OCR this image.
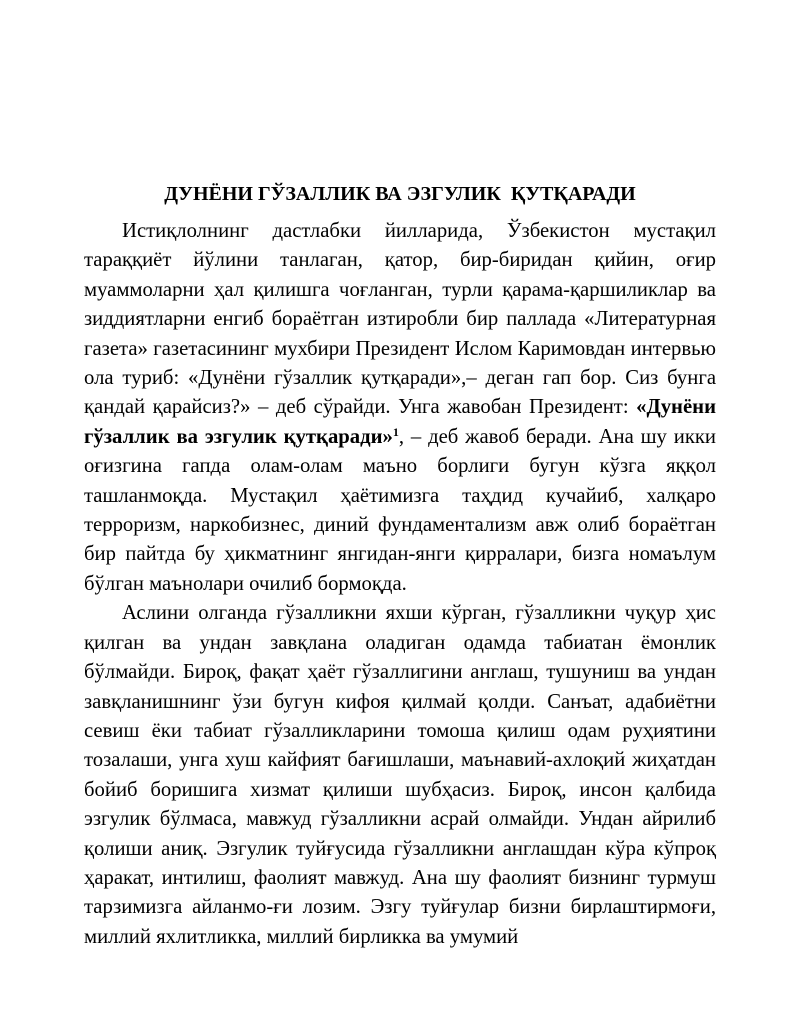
ДУНЁНИ ГЎЗАЛЛИК ВА ЭЗГУЛИК  ҚУТҚАРАДИ

Истиқлолнинг дастлабки йилларида, Ўзбекистон мустақил тараққиёт йўлини танлаган, қатор, бир-биридан қийин, оғир муаммоларни ҳал қилишга чоғланган, турли қарама-қаршиликлар ва зиддиятларни енгиб бораётган изтиробли бир паллада «Литературная газета» газетасининг мухбири Президент Ислом Каримовдан интервью ола туриб: «Дунёни гўзаллик қутқаради»,– деган гап бор. Сиз бунга қандай қарайсиз?» – деб сўрайди. Унга жавобан Президент: «Дунёни гўзаллик ва эзгулик қутқаради»$^1$, – деб жавоб беради. Ана шу икки оғизгина гапда олам-олам маъно борлиги бугун кўзга яққол ташланмоқда. Мустақил ҳаётимизга таҳдид кучайиб, халқаро терроризм, наркобизнес, диний фундаментализм авж олиб бораётган бир пайтда бу ҳикматнинг янгидан-янги қирралари, бизга номаълум бўлган маънолари очилиб бормоқда.

Аслини олганда гўзалликни яхши кўрган, гўзалликни чуқур ҳис қилган ва ундан завқлана оладиган одамда табиатан ёмонлик бўлмайди. Бироқ, фақат ҳаёт гўзаллигини англаш, тушуниш ва ундан завқланишнинг ўзи бугун кифоя қилмай қолди. Санъат, адабиётни севиш ёки табиат гўзалликларини томоша қилиш одам руҳиятини тозалаши, унга хуш кайфият бағишлаши, маънавий-ахлоқий жиҳатдан бойиб боришига хизмат қилиши шубҳасиз. Бироқ, инсон қалбида эзгулик бўлмаса, мавжуд гўзалликни асрай олмайди. Ундан айрилиб қолиши аниқ. Эзгулик туйғусида гўзалликни англашдан кўра кўпроқ ҳаракат, интилиш, фаолият мавжуд. Ана шу фаолият бизнинг турмуш тарзимизга айланмо-ғи лозим. Эзгу туйғулар бизни бирлаштирмоғи, миллий яхлитликка, миллий бирликка ва умумий
